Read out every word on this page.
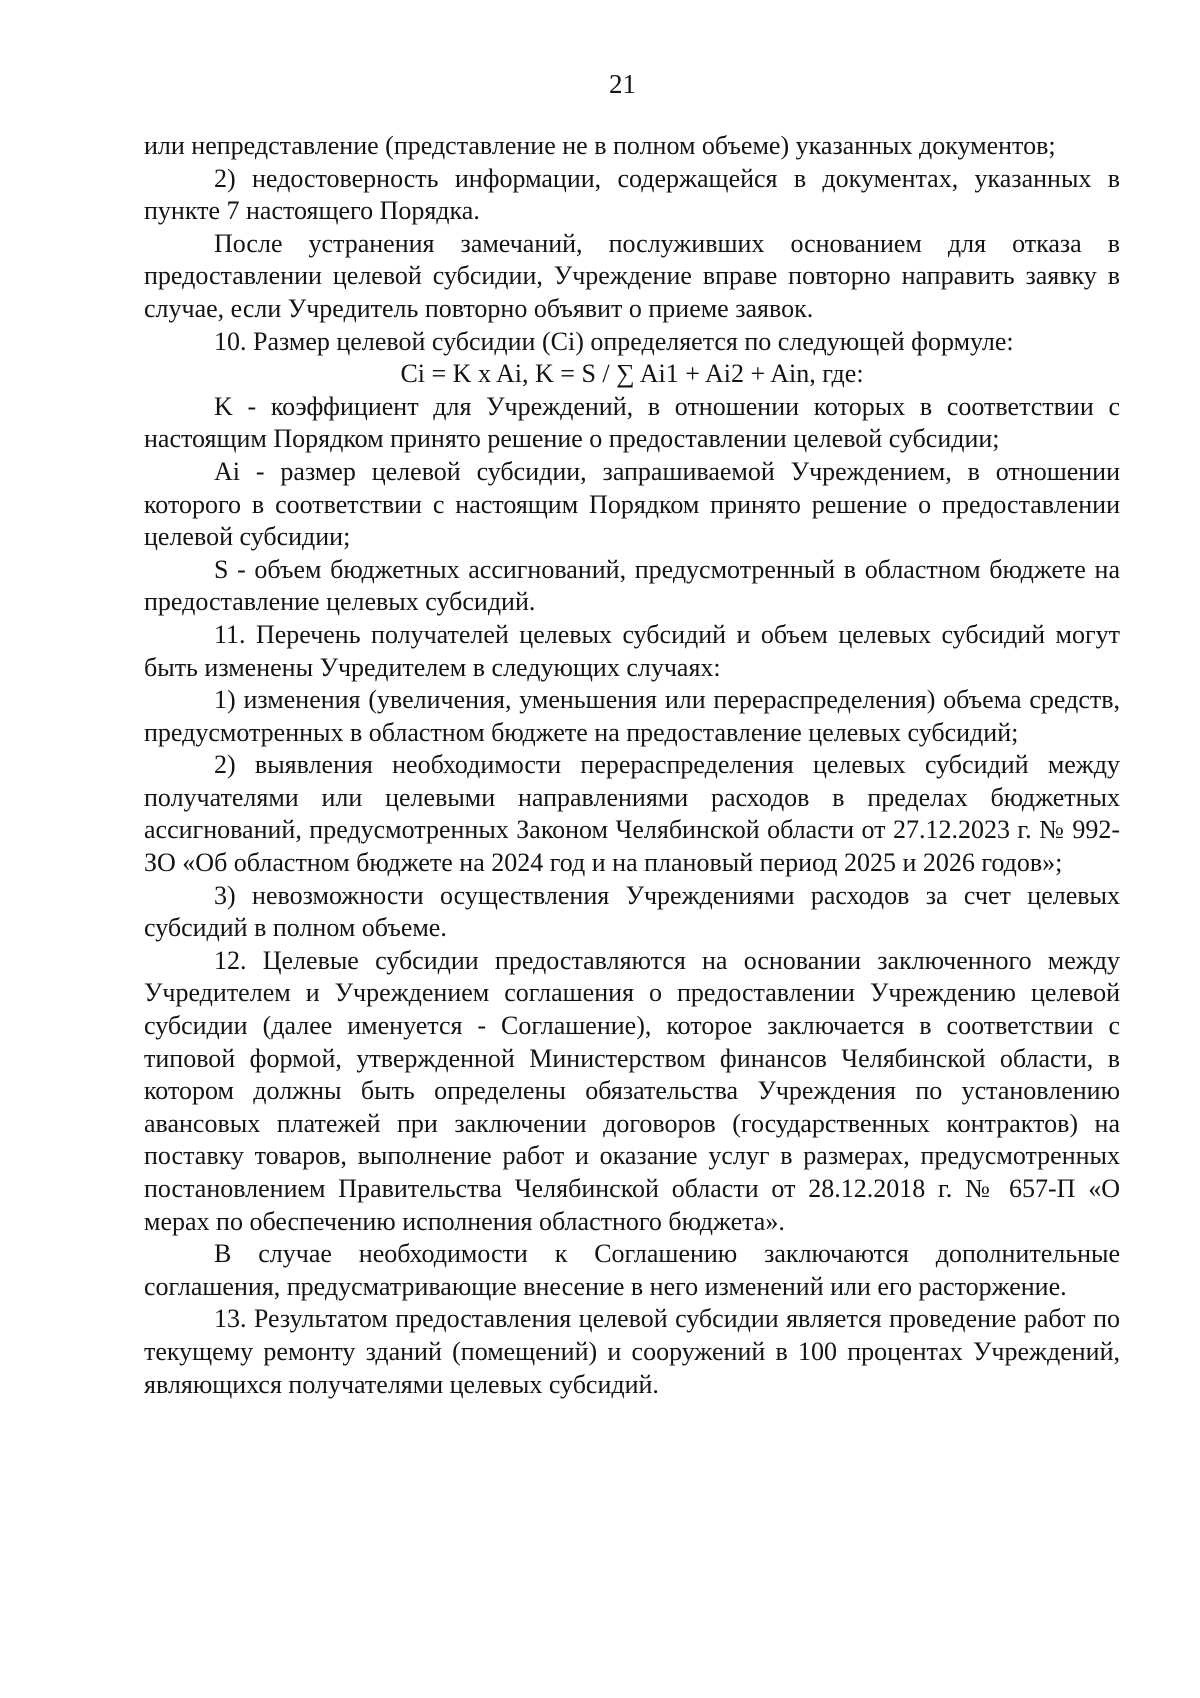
21

или непредставление (представление не в полном объеме) указанных документов;

2) недостоверность информации, содержащейся в документах, указанных в пункте 7 настоящего Порядка.

После устранения замечаний, послуживших основанием для отказа в предоставлении целевой субсидии, Учреждение вправе повторно направить заявку в случае, если Учредитель повторно объявит о приеме заявок.

10. Размер целевой субсидии (Ci) определяется по следующей формуле:

Ci = K x Ai, K = S / ∑ Ai1 + Ai2 + Ain, где:

K - коэффициент для Учреждений, в отношении которых в соответствии с настоящим Порядком принято решение о предоставлении целевой субсидии;

Ai - размер целевой субсидии, запрашиваемой Учреждением, в отношении которого в соответствии с настоящим Порядком принято решение о предоставлении целевой субсидии;

S - объем бюджетных ассигнований, предусмотренный в областном бюджете на предоставление целевых субсидий.

11. Перечень получателей целевых субсидий и объем целевых субсидий могут быть изменены Учредителем в следующих случаях:

1) изменения (увеличения, уменьшения или перераспределения) объема средств, предусмотренных в областном бюджете на предоставление целевых субсидий;

2) выявления необходимости перераспределения целевых субсидий между получателями или целевыми направлениями расходов в пределах бюджетных ассигнований, предусмотренных Законом Челябинской области от 27.12.2023 г. № 992-ЗО «Об областном бюджете на 2024 год и на плановый период 2025 и 2026 годов»;

3) невозможности осуществления Учреждениями расходов за счет целевых субсидий в полном объеме.

12. Целевые субсидии предоставляются на основании заключенного между Учредителем и Учреждением соглашения о предоставлении Учреждению целевой субсидии (далее именуется - Соглашение), которое заключается в соответствии с типовой формой, утвержденной Министерством финансов Челябинской области, в котором должны быть определены обязательства Учреждения по установлению авансовых платежей при заключении договоров (государственных контрактов) на поставку товаров, выполнение работ и оказание услуг в размерах, предусмотренных постановлением Правительства Челябинской области от 28.12.2018 г. № 657-П «О мерах по обеспечению исполнения областного бюджета».

В случае необходимости к Соглашению заключаются дополнительные соглашения, предусматривающие внесение в него изменений или его расторжение.

13. Результатом предоставления целевой субсидии является проведение работ по текущему ремонту зданий (помещений) и сооружений в 100 процентах Учреждений, являющихся получателями целевых субсидий.
